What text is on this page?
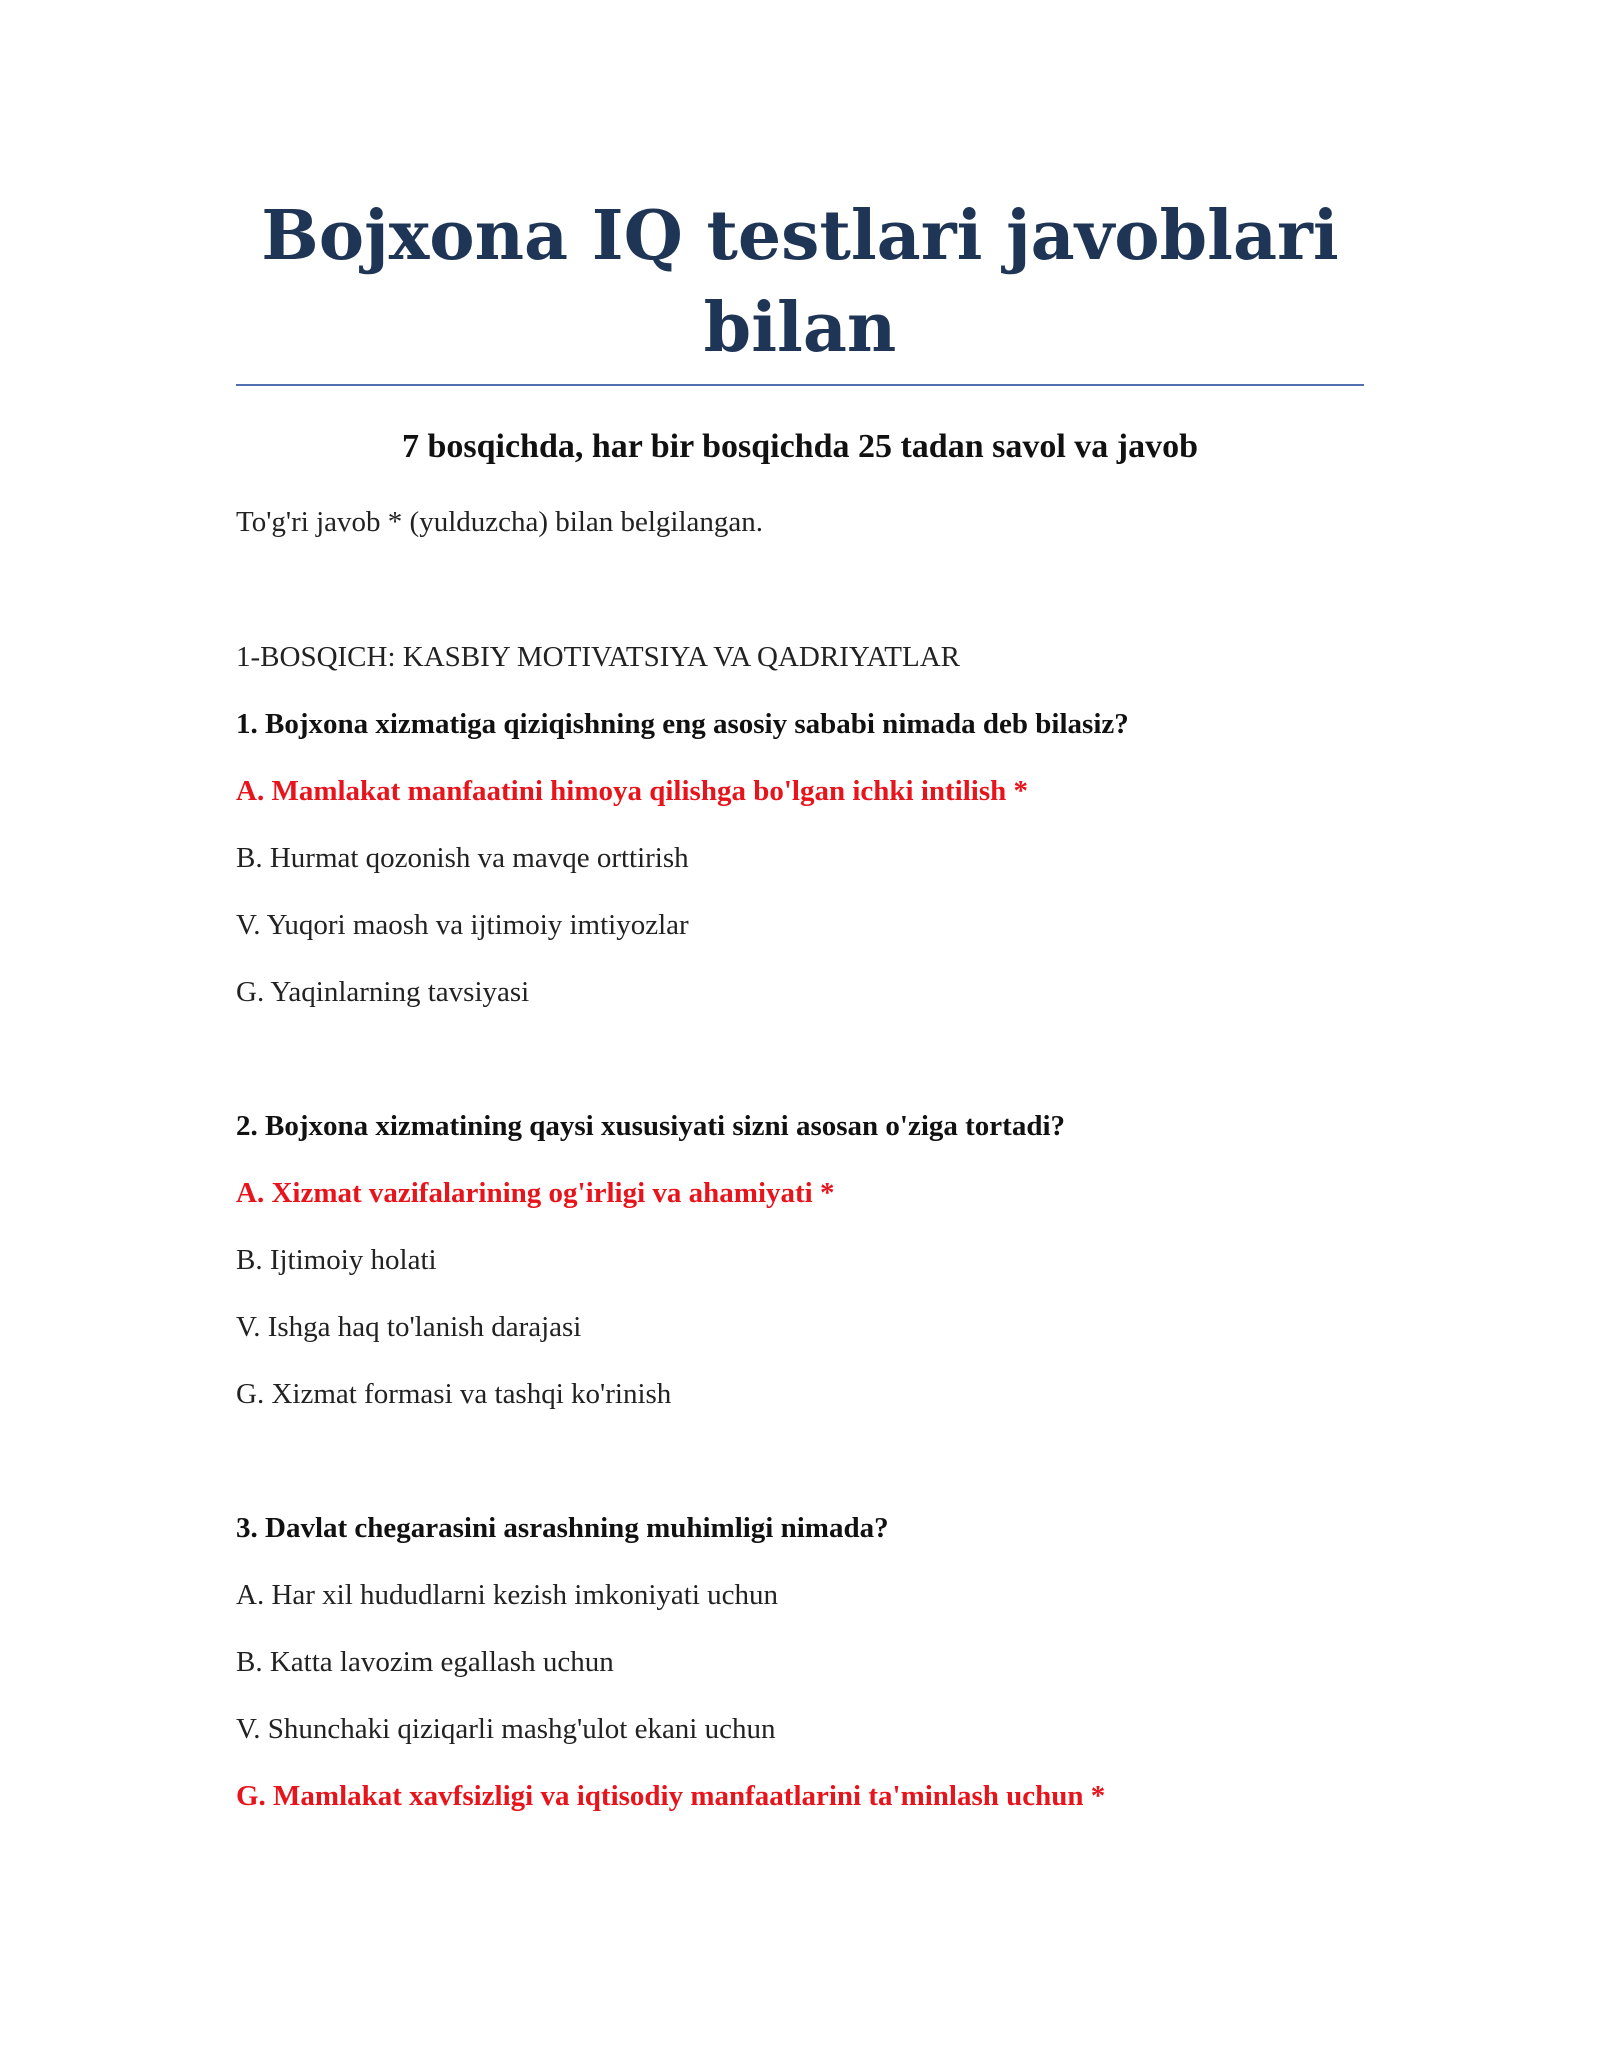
Bojxona IQ testlari javoblari
bilan
7 bosqichda, har bir bosqichda 25 tadan savol va javob
To'g'ri javob * (yulduzcha) bilan belgilangan.
1-BOSQICH: KASBIY MOTIVATSIYA VA QADRIYATLAR
1. Bojxona xizmatiga qiziqishning eng asosiy sababi nimada deb bilasiz?
A. Mamlakat manfaatini himoya qilishga bo'lgan ichki intilish *
B. Hurmat qozonish va mavqe orttirish
V. Yuqori maosh va ijtimoiy imtiyozlar
G. Yaqinlarning tavsiyasi
2. Bojxona xizmatining qaysi xususiyati sizni asosan o'ziga tortadi?
A. Xizmat vazifalarining og'irligi va ahamiyati *
B. Ijtimoiy holati
V. Ishga haq to'lanish darajasi
G. Xizmat formasi va tashqi ko'rinish
3. Davlat chegarasini asrashning muhimligi nimada?
A. Har xil hududlarni kezish imkoniyati uchun
B. Katta lavozim egallash uchun
V. Shunchaki qiziqarli mashg'ulot ekani uchun
G. Mamlakat xavfsizligi va iqtisodiy manfaatlarini ta'minlash uchun *
